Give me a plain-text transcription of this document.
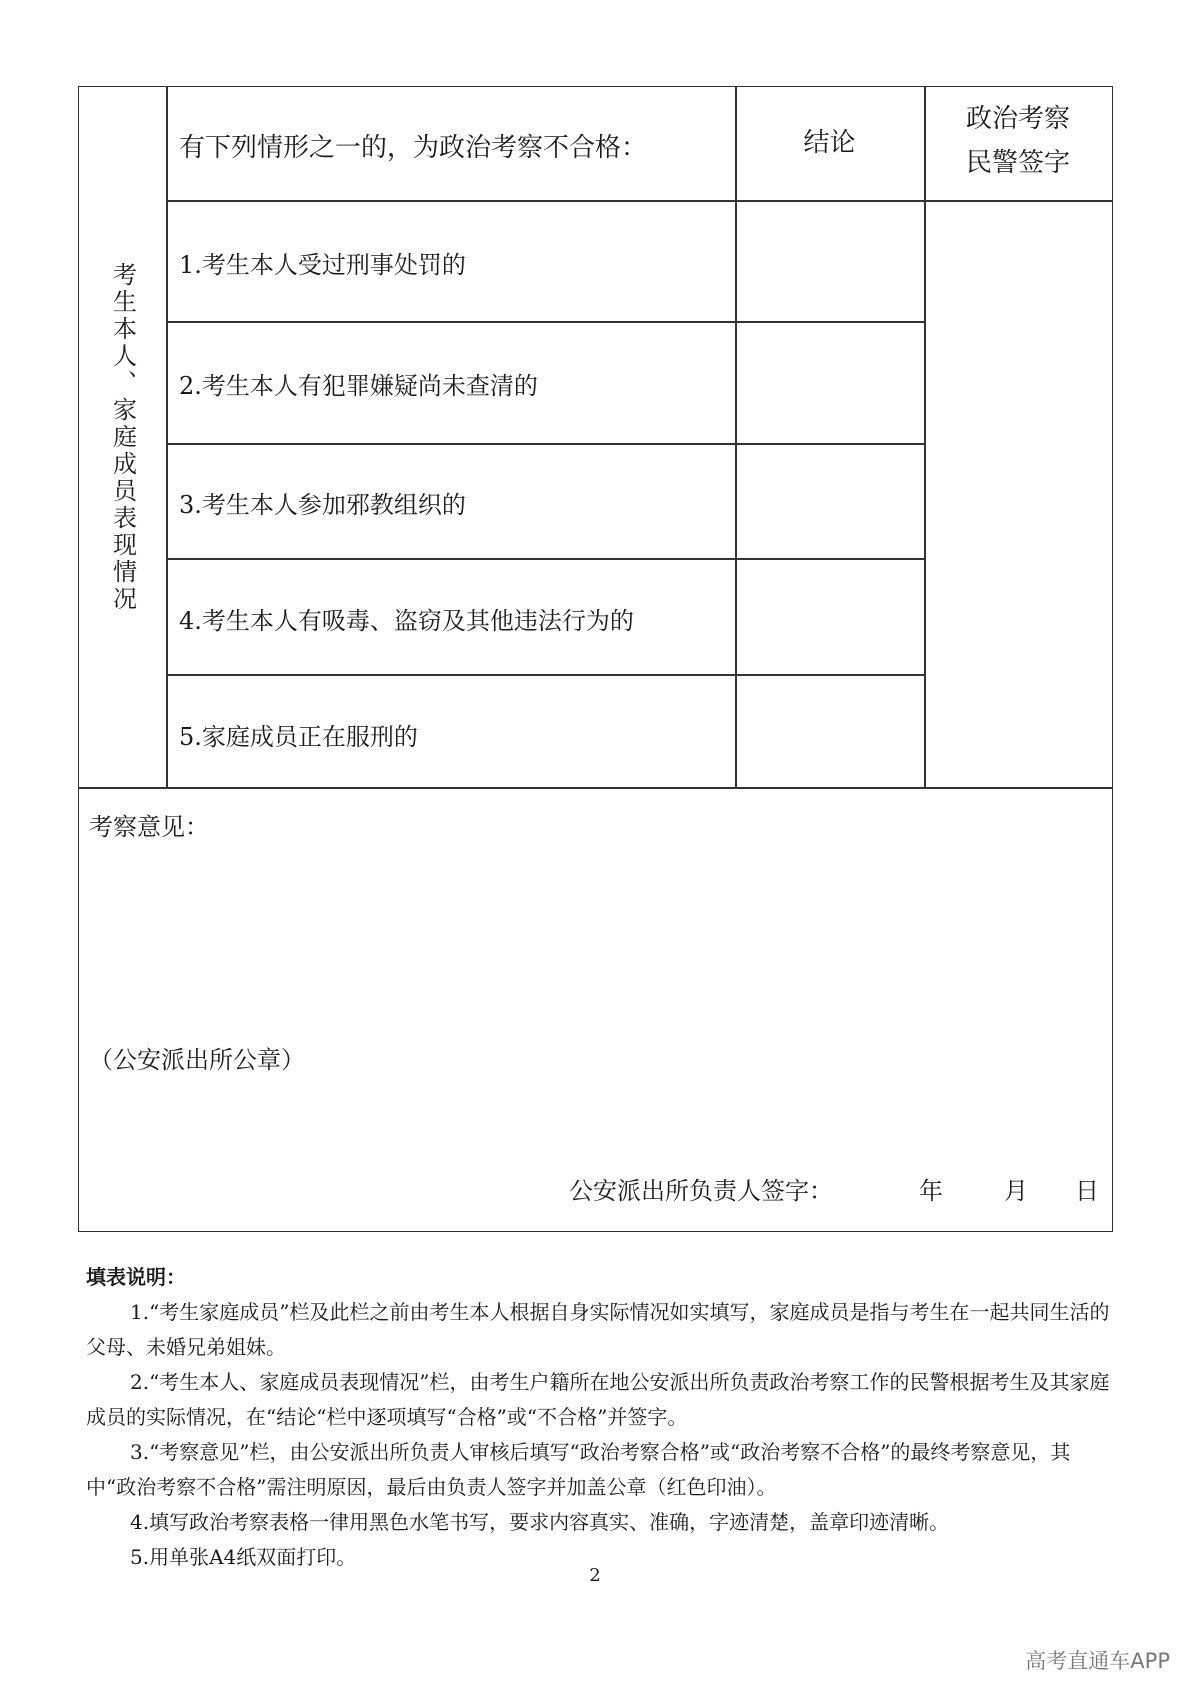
考生本人、家庭成员表现情况
有下列情形之一的，为政治考察不合格：	结论
政治考察
民警签字
1.考生本人受过刑事处罚的
2.考生本人有犯罪嫌疑尚未查清的
3.考生本人参加邪教组织的
4.考生本人有吸毒、盗窃及其他违法行为的
5.家庭成员正在服刑的
考察意见：
（公安派出所公章）
公安派出所负责人签字：	年	月 日
填表说明：

1.“考生家庭成员”栏及此栏之前由考生本人根据自身实际情况如实填写，家庭成员是指与考生在一起共同生活的父母、未婚兄弟姐妹。

2.“考生本人、家庭成员表现情况”栏，由考生户籍所在地公安派出所负责政治考察工作的民警根据考生及其家庭成员的实际情况，在“结论“栏中逐项填写“合格”或“不合格”并签字。

3.“考察意见”栏，由公安派出所负责人审核后填写“政治考察合格”或“政治考察不合格”的最终考察意见，其中“政治考察不合格”需注明原因，最后由负责人签字并加盖公章（红色印油）。

4.填写政治考察表格一律用黑色水笔书写，要求内容真实、准确，字迹清楚，盖章印迹清晰。

5.用单张A4纸双面打印。

2
高考直通车APP
